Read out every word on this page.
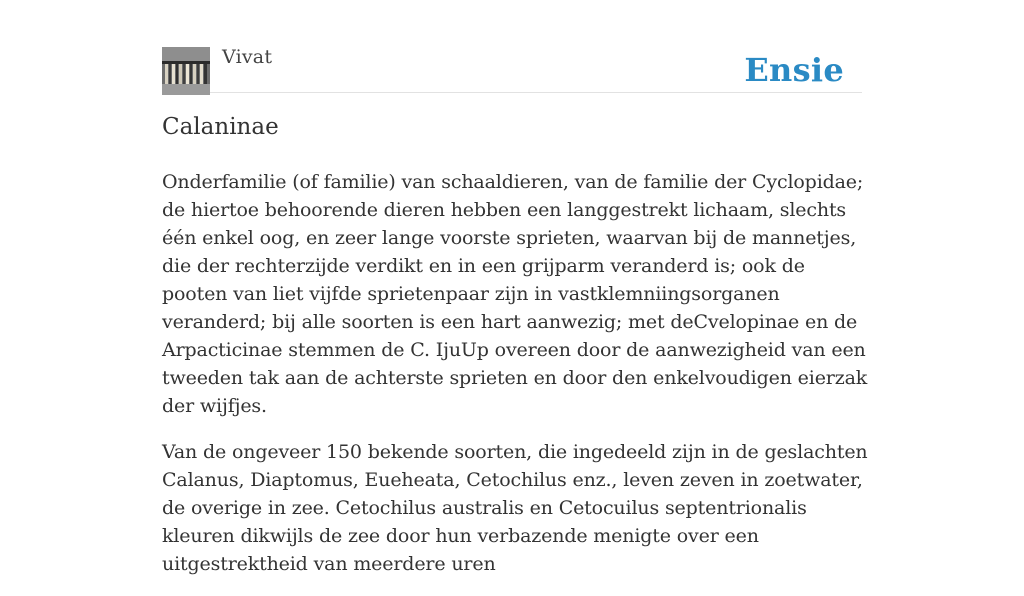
Vivat	Ensie
Calaninae

Onderfamilie (of familie) van schaaldieren, van de familie der Cyclopidae; de hiertoe behoorende dieren hebben een langgestrekt lichaam, slechts één enkel oog, en zeer lange voorste sprieten, waarvan bij de mannetjes, die der rechterzijde verdikt en in een grijparm veranderd is; ook de pooten van liet vijfde sprietenpaar zijn in vastklemniingsorganen veranderd; bij alle soorten is een hart aanwezig; met deCvelopinae en de Arpacticinae stemmen de C. IjuUp overeen door de aanwezigheid van een tweeden tak aan de achterste sprieten en door den enkelvoudigen eierzak der wijfjes.

Van de ongeveer 150 bekende soorten, die ingedeeld zijn in de geslachten Calanus, Diaptomus, Eueheata, Cetochilus enz., leven zeven in zoetwater, de overige in zee. Cetochilus australis en Cetocuilus septentrionalis kleuren dikwijls de zee door hun verbazende menigte over een uitgestrektheid van meerdere uren
